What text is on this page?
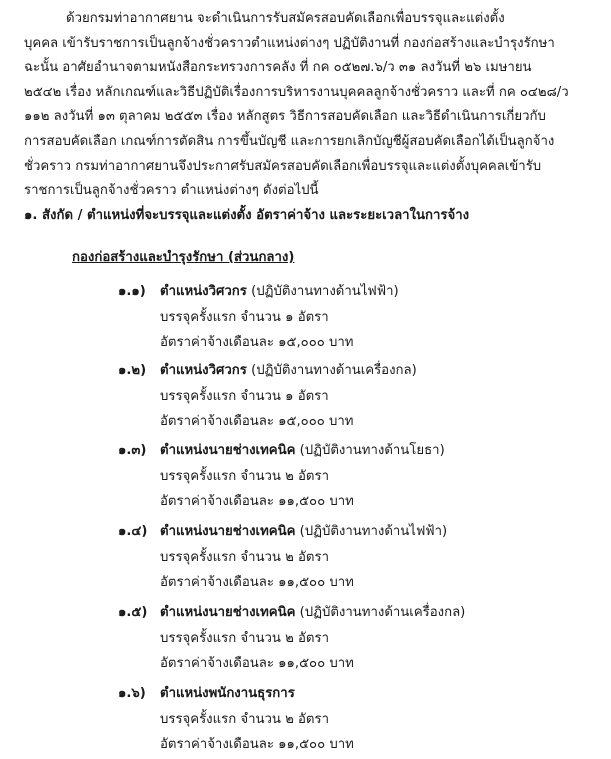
ด้วยกรมท่าอากาศยาน จะดำเนินการรับสมัครสอบคัดเลือกเพื่อบรรจุและแต่งตั้ง
บุคคล เข้ารับราชการเป็นลูกจ้างชั่วคราวตำแหน่งต่างๆ ปฏิบัติงานที่ กองก่อสร้างและบำรุงรักษา
ฉะนั้น อาศัยอำนาจตามหนังสือกระทรวงการคลัง ที่ กค ๐๕๒๗.๖/ว ๓๑ ลงวันที่ ๒๖ เมษายน
๒๕๔๒ เรื่อง หลักเกณฑ์และวิธีปฏิบัติเรื่องการบริหารงานบุคคลลูกจ้างชั่วคราว และที่ กค ๐๔๒๘/ว
๑๑๒ ลงวันที่ ๑๓ ตุลาคม ๒๕๕๓ เรื่อง หลักสูตร วิธีการสอบคัดเลือก และวิธีดำเนินการเกี่ยวกับ
การสอบคัดเลือก เกณฑ์การตัดสิน การขึ้นบัญชี และการยกเลิกบัญชีผู้สอบคัดเลือกได้เป็นลูกจ้าง
ชั่วคราว กรมท่าอากาศยานจึงประกาศรับสมัครสอบคัดเลือกเพื่อบรรจุและแต่งตั้งบุคคลเข้ารับ
ราชการเป็นลูกจ้างชั่วคราว ตำแหน่งต่างๆ ดังต่อไปนี้
๑. สังกัด / ตำแหน่งที่จะบรรจุและแต่งตั้ง อัตราค่าจ้าง และระยะเวลาในการจ้าง
กองก่อสร้างและบำรุงรักษา (ส่วนกลาง)
๑.๑) ตำแหน่งวิศวกร (ปฏิบัติงานทางด้านไฟฟ้า)
บรรจุครั้งแรก จำนวน ๑ อัตรา
อัตราค่าจ้างเดือนละ ๑๕,๐๐๐ บาท
๑.๒) ตำแหน่งวิศวกร (ปฏิบัติงานทางด้านเครื่องกล)
บรรจุครั้งแรก จำนวน ๑ อัตรา
อัตราค่าจ้างเดือนละ ๑๕,๐๐๐ บาท
๑.๓) ตำแหน่งนายช่างเทคนิค (ปฏิบัติงานทางด้านโยธา)
บรรจุครั้งแรก จำนวน ๒ อัตรา
อัตราค่าจ้างเดือนละ ๑๑,๕๐๐ บาท
๑.๔) ตำแหน่งนายช่างเทคนิค (ปฏิบัติงานทางด้านไฟฟ้า)
บรรจุครั้งแรก จำนวน ๒ อัตรา
อัตราค่าจ้างเดือนละ ๑๑,๕๐๐ บาท
๑.๕) ตำแหน่งนายช่างเทคนิค (ปฏิบัติงานทางด้านเครื่องกล)
บรรจุครั้งแรก จำนวน ๒ อัตรา
อัตราค่าจ้างเดือนละ ๑๑,๕๐๐ บาท
๑.๖) ตำแหน่งพนักงานธุรการ
บรรจุครั้งแรก จำนวน ๒ อัตรา
อัตราค่าจ้างเดือนละ ๑๑,๕๐๐ บาท
